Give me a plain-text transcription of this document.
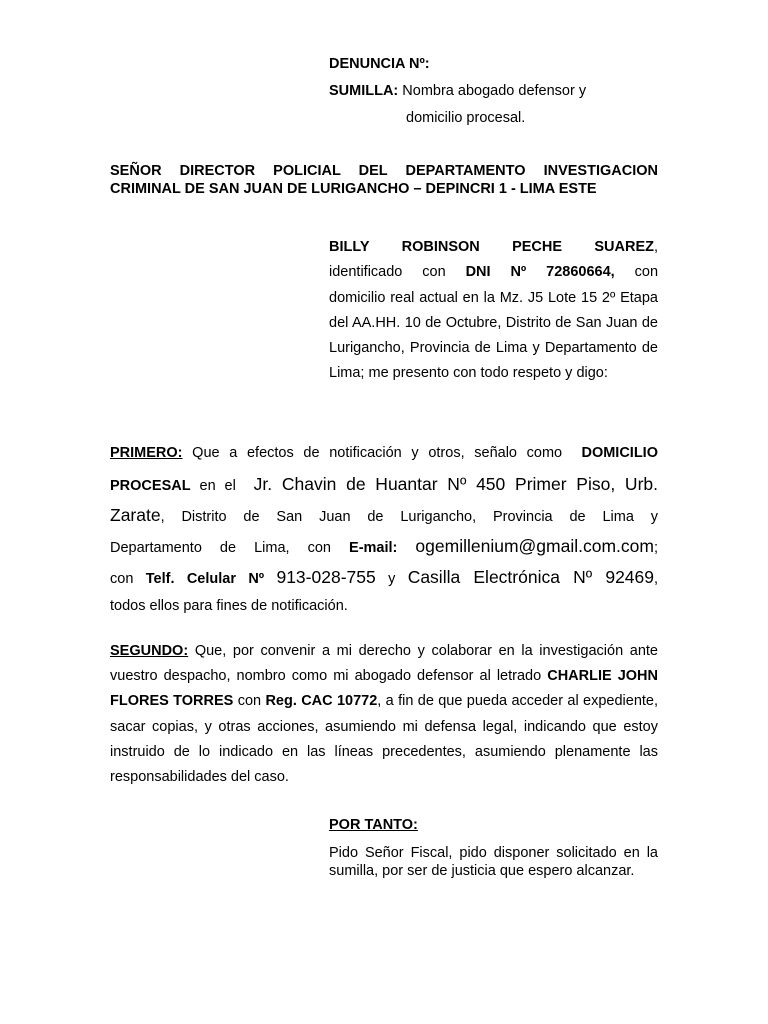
DENUNCIA Nº:
SUMILLA: Nombra abogado defensor y
domicilio procesal.
SEÑOR DIRECTOR POLICIAL DEL DEPARTAMENTO INVESTIGACION
CRIMINAL DE SAN JUAN DE LURIGANCHO – DEPINCRI 1 - LIMA ESTE
BILLY ROBINSON PECHE SUAREZ,
identificado con DNI Nº 72860664, con
domicilio real actual en la Mz. J5 Lote 15 2º Etapa del AA.HH. 10 de Octubre, Distrito de San Juan de Lurigancho, Provincia de Lima y Departamento de Lima; me presento con todo respeto y digo:
PRIMERO: Que a efectos de notificación y otros, señalo como DOMICILIO
PROCESAL en el Jr. Chavin de Huantar Nº 450 Primer Piso, Urb.
Zarate, Distrito de San Juan de Lurigancho, Provincia de Lima y
Departamento de Lima, con E-mail: ogemillenium@gmail.com.com;
con Telf. Celular Nº 913-028-755 y Casilla Electrónica Nº 92469,
todos ellos para fines de notificación.
SEGUNDO: Que, por convenir a mi derecho y colaborar en la investigación ante vuestro despacho, nombro como mi abogado defensor al letrado CHARLIE JOHN FLORES TORRES con Reg. CAC 10772, a fin de que pueda acceder al expediente, sacar copias, y otras acciones, asumiendo mi defensa legal, indicando que estoy instruido de lo indicado en las líneas precedentes, asumiendo plenamente las responsabilidades del caso.
POR TANTO:
Pido Señor Fiscal, pido disponer solicitado en la sumilla, por ser de justicia que espero alcanzar.
